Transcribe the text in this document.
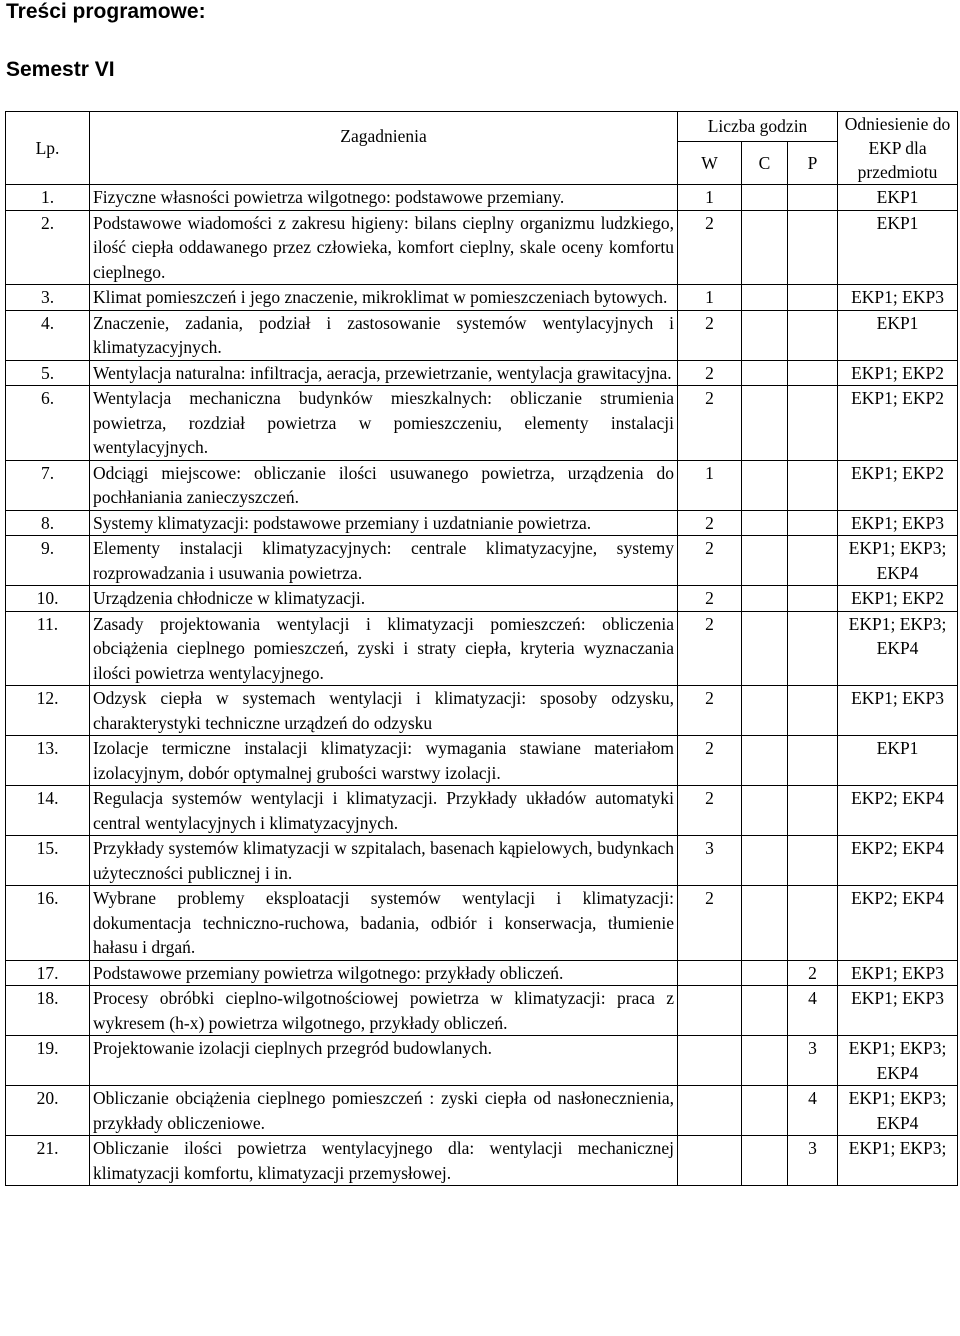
Treści programowe:
Semestr VI
Lp.	Zagadnienia	Liczba godzin			Odniesienie do EKP dla przedmiotu
		W	C	P	
1.	Fizyczne własności powietrza wilgotnego: podstawowe przemiany.	1			EKP1
2.	Podstawowe wiadomości z zakresu higieny: bilans cieplny organizmu ludzkiego, ilość ciepła oddawanego przez człowieka, komfort cieplny, skale oceny komfortu cieplnego.	2			EKP1
3.	Klimat pomieszczeń i jego znaczenie, mikroklimat w pomieszczeniach bytowych.	1			EKP1; EKP3
4.	Znaczenie, zadania, podział i zastosowanie systemów wentylacyjnych i klimatyzacyjnych.	2			EKP1
5.	Wentylacja naturalna: infiltracja, aeracja, przewietrzanie, wentylacja grawitacyjna.	2			EKP1; EKP2
6.	Wentylacja mechaniczna budynków mieszkalnych: obliczanie strumienia powietrza, rozdział powietrza w pomieszczeniu, elementy instalacji wentylacyjnych.	2			EKP1; EKP2
7.	Odciągi miejscowe: obliczanie ilości usuwanego powietrza, urządzenia do pochłaniania zanieczyszczeń.	1			EKP1; EKP2
8.	Systemy klimatyzacji: podstawowe przemiany i uzdatnianie powietrza.	2			EKP1; EKP3
9.	Elementy instalacji klimatyzacyjnych: centrale klimatyzacyjne, systemy rozprowadzania i usuwania powietrza.	2			EKP1; EKP3; EKP4
10.	Urządzenia chłodnicze w klimatyzacji.	2			EKP1; EKP2
11.	Zasady projektowania wentylacji i klimatyzacji pomieszczeń: obliczenia obciążenia cieplnego pomieszczeń, zyski i straty ciepła, kryteria wyznaczania ilości powietrza wentylacyjnego.	2			EKP1; EKP3; EKP4
12.	Odzysk ciepła w systemach wentylacji i klimatyzacji: sposoby odzysku, charakterystyki techniczne urządzeń do odzysku	2			EKP1; EKP3
13.	Izolacje termiczne instalacji klimatyzacji: wymagania stawiane materiałom izolacyjnym, dobór optymalnej grubości warstwy izolacji.	2			EKP1
14.	Regulacja systemów wentylacji i klimatyzacji. Przykłady układów automatyki central wentylacyjnych i klimatyzacyjnych.	2			EKP2; EKP4
15.	Przykłady systemów klimatyzacji w szpitalach, basenach kąpielowych, budynkach użyteczności publicznej i in.	3			EKP2; EKP4
16.	Wybrane problemy eksploatacji systemów wentylacji i klimatyzacji: dokumentacja techniczno-ruchowa, badania, odbiór i konserwacja, tłumienie hałasu i drgań.	2			EKP2; EKP4
17.	Podstawowe przemiany powietrza wilgotnego: przykłady obliczeń.			2	EKP1; EKP3
18.	Procesy obróbki cieplno-wilgotnościowej powietrza w klimatyzacji: praca z wykresem (h-x) powietrza wilgotnego, przykłady obliczeń.			4	EKP1; EKP3
19.	Projektowanie izolacji cieplnych przegród budowlanych.			3	EKP1; EKP3; EKP4
20.	Obliczanie obciążenia cieplnego pomieszczeń : zyski ciepła od nasłonecznienia, przykłady obliczeniowe.			4	EKP1; EKP3; EKP4
21.	Obliczanie ilości powietrza wentylacyjnego dla: wentylacji mechanicznej klimatyzacji komfortu, klimatyzacji przemysłowej.			3	EKP1; EKP3;
